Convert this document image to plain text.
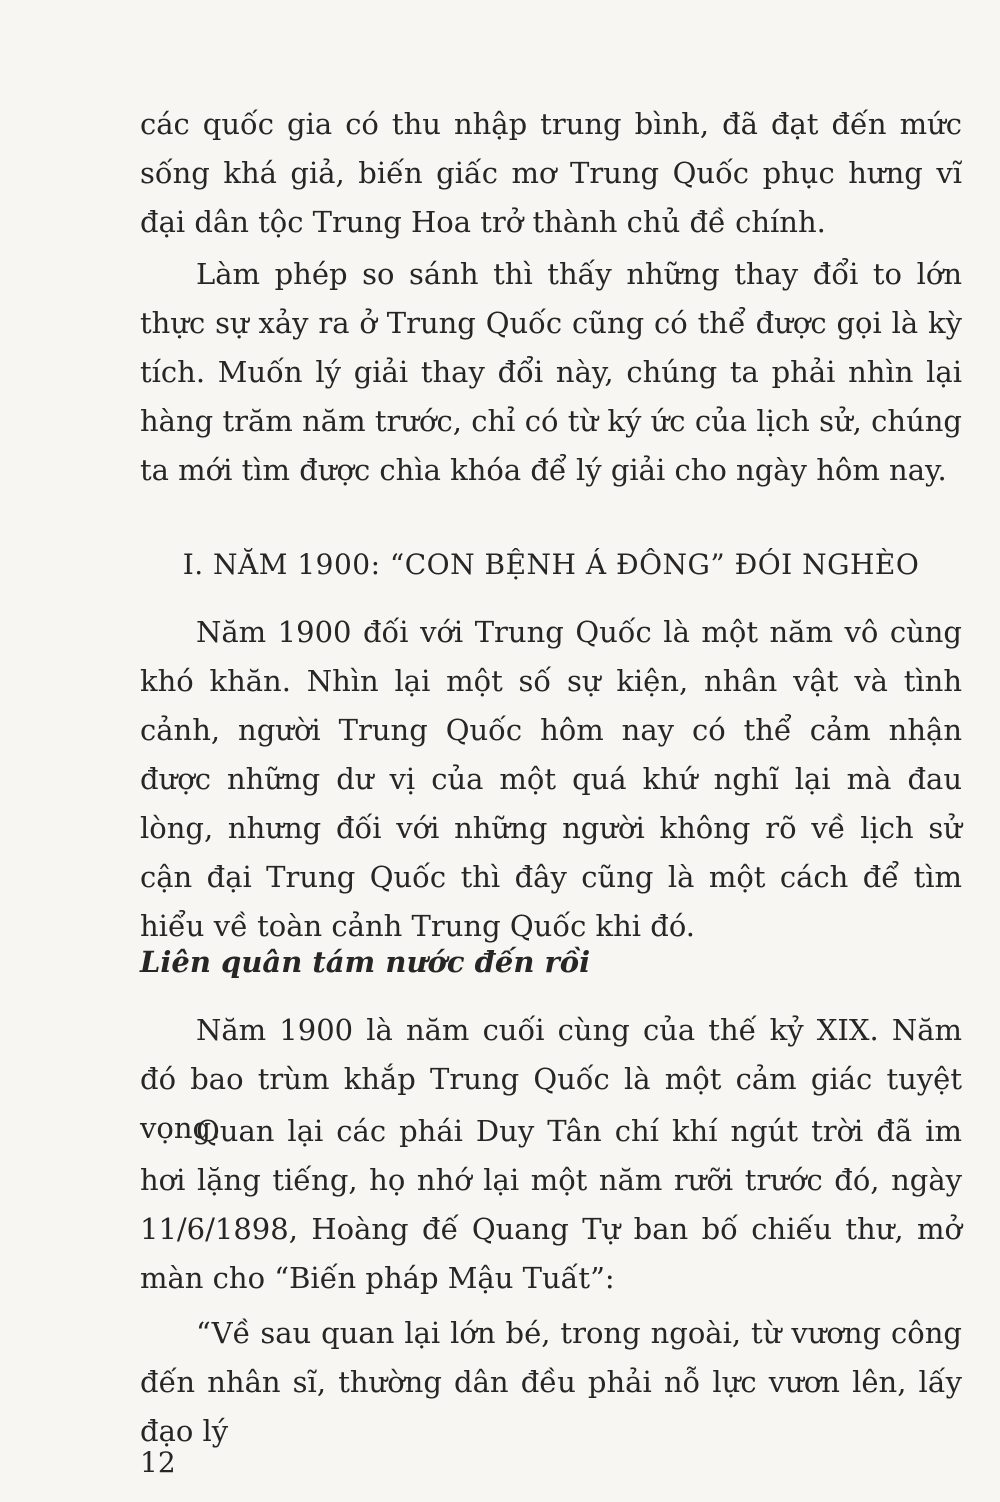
các quốc gia có thu nhập trung bình, đã đạt đến mức sống khá giả, biến giấc mơ Trung Quốc phục hưng vĩ đại dân tộc Trung Hoa trở thành chủ đề chính.

Làm phép so sánh thì thấy những thay đổi to lớn thực sự xảy ra ở Trung Quốc cũng có thể được gọi là kỳ tích. Muốn lý giải thay đổi này, chúng ta phải nhìn lại hàng trăm năm trước, chỉ có từ ký ức của lịch sử, chúng ta mới tìm được chìa khóa để lý giải cho ngày hôm nay.

I. NĂM 1900: “CON BỆNH Á ĐÔNG” ĐÓI NGHÈO

Năm 1900 đối với Trung Quốc là một năm vô cùng khó khăn. Nhìn lại một số sự kiện, nhân vật và tình cảnh, người Trung Quốc hôm nay có thể cảm nhận được những dư vị của một quá khứ nghĩ lại mà đau lòng, nhưng đối với những người không rõ về lịch sử cận đại Trung Quốc thì đây cũng là một cách để tìm hiểu về toàn cảnh Trung Quốc khi đó.

Liên quân tám nước đến rồi

Năm 1900 là năm cuối cùng của thế kỷ XIX. Năm đó bao trùm khắp Trung Quốc là một cảm giác tuyệt vọng.

Quan lại các phái Duy Tân chí khí ngút trời đã im hơi lặng tiếng, họ nhớ lại một năm rưỡi trước đó, ngày 11/6/1898, Hoàng đế Quang Tự ban bố chiếu thư, mở màn cho “Biến pháp Mậu Tuất”:

“Về sau quan lại lớn bé, trong ngoài, từ vương công đến nhân sĩ, thường dân đều phải nỗ lực vươn lên, lấy đạo lý

12
